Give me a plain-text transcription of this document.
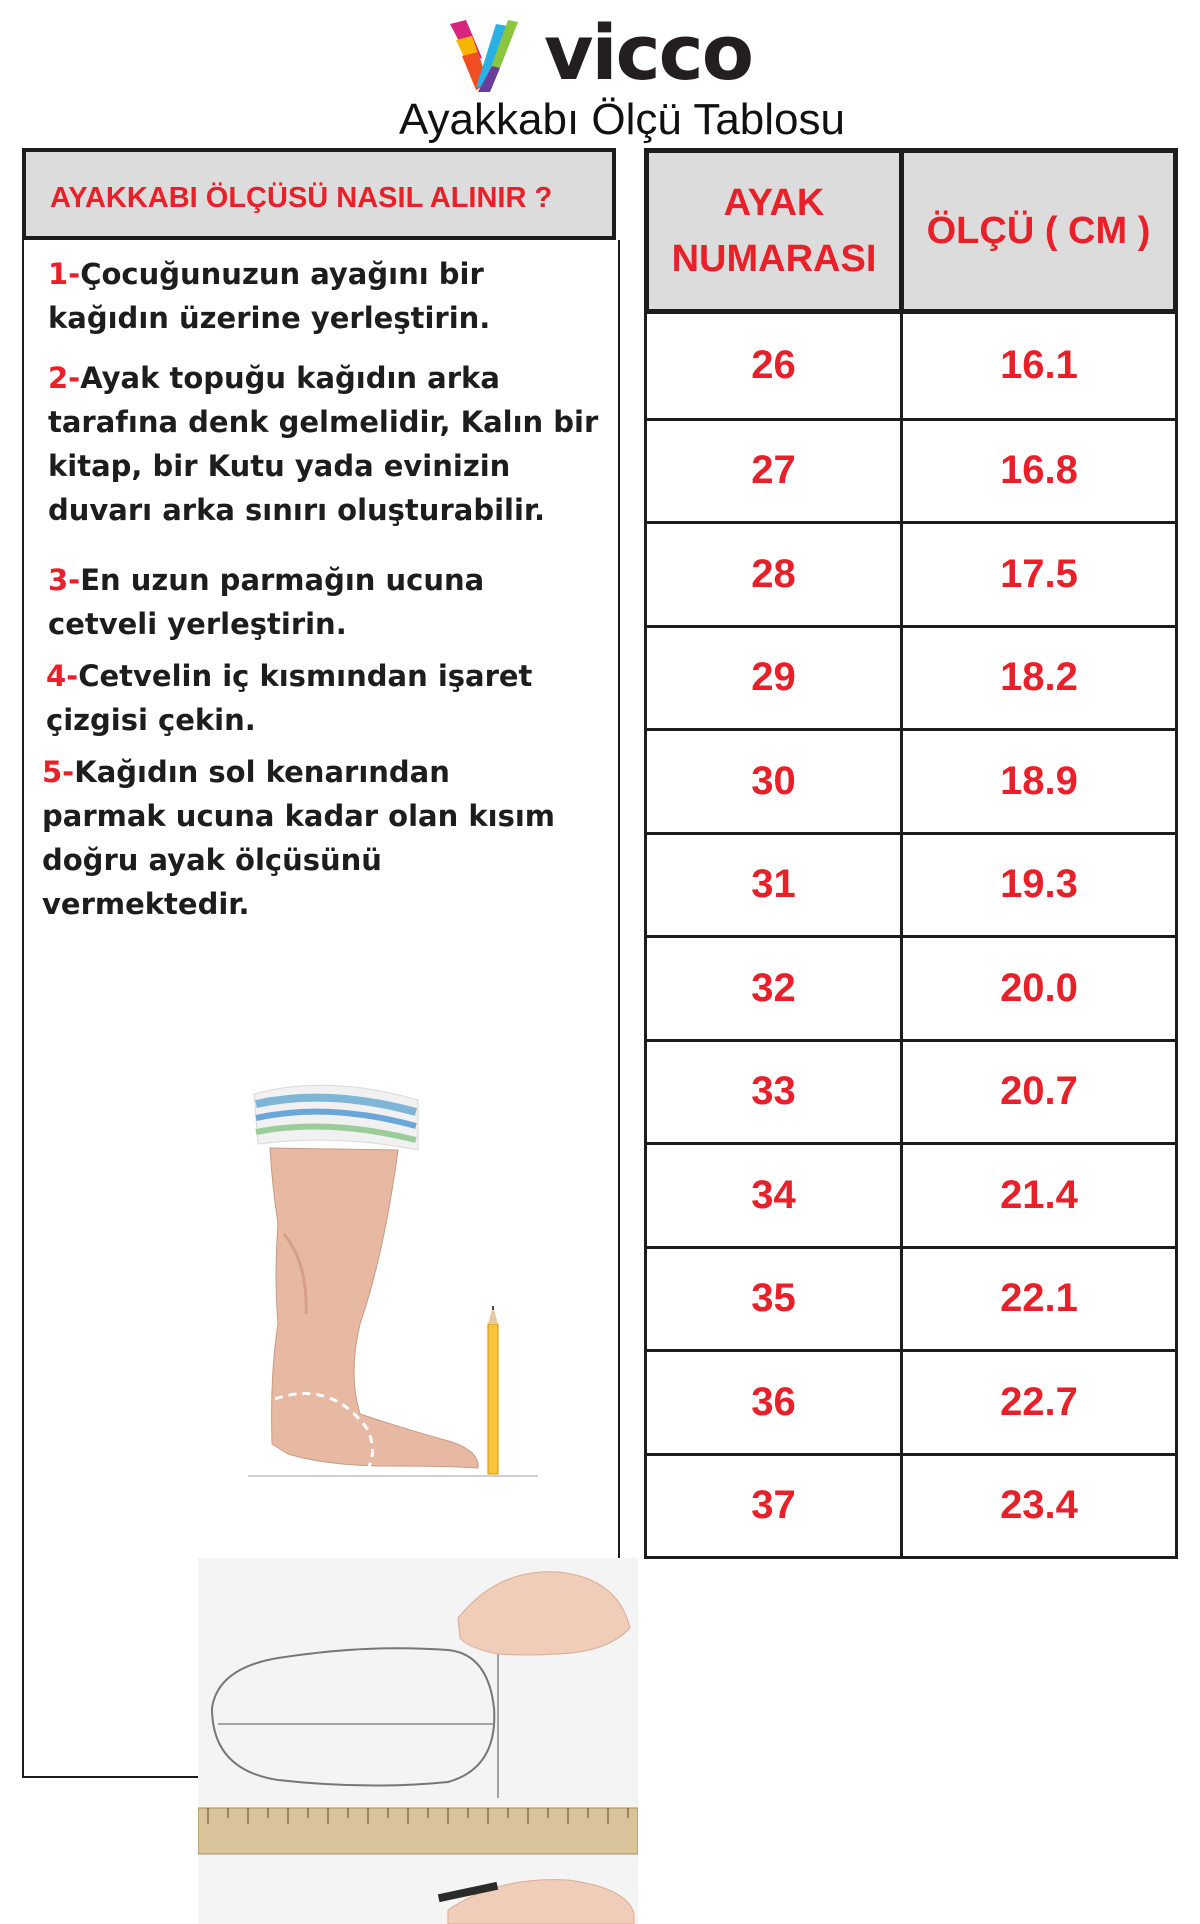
vicco
Ayakkabı Ölçü Tablosu
AYAKKABI ÖLÇÜSÜ NASIL ALINIR ?
1-Çocuğunuzun ayağını bir
kağıdın üzerine yerleştirin.
2-Ayak topuğu kağıdın arka
tarafına denk gelmelidir, Kalın bir
kitap, bir Kutu yada evinizin
duvarı arka sınırı oluşturabilir.
3-En uzun parmağın ucuna
cetveli yerleştirin.
4-Cetvelin iç kısmından işaret
çizgisi çekin.
5-Kağıdın sol kenarından
parmak ucuna kadar olan kısım
doğru ayak ölçüsünü
vermektedir.
90°
AYAK
NUMARASI
ÖLÇÜ ( CM )
26	16.1
27	16.8
28	17.5
29	18.2
30	18.9
31	19.3
32	20.0
33	20.7
34	21.4
35	22.1
36	22.7
37	23.4
